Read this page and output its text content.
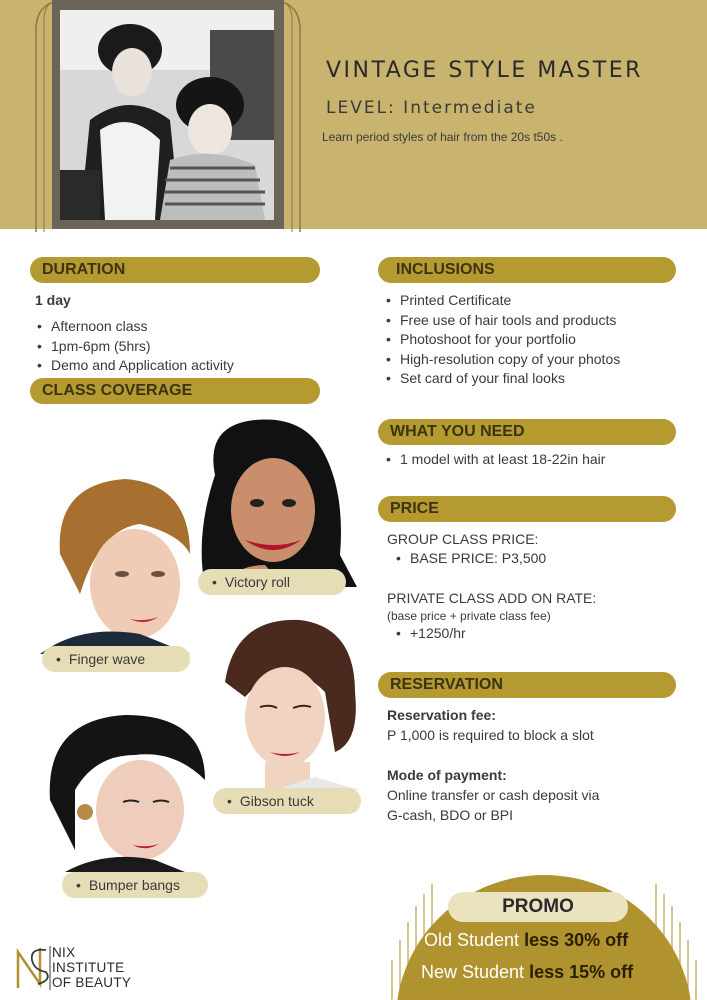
VINTAGE STYLE MASTER
LEVEL: Intermediate
Learn period styles of hair from the 20s t50s .
DURATION
1 day
• Afternoon class
• 1pm-6pm (5hrs)
• Demo and Application activity
CLASS COVERAGE
• Victory roll
• Finger wave
• Gibson tuck
• Bumper bangs
INCLUSIONS
• Printed Certificate
• Free use of hair tools and products
• Photoshoot for your portfolio
• High-resolution copy of your photos
• Set card of your final looks
WHAT YOU NEED
• 1 model with at least 18-22in hair
PRICE
GROUP CLASS PRICE:
• BASE PRICE: P3,500
PRIVATE CLASS ADD ON RATE:
(base price + private class fee)
• +1250/hr
RESERVATION
Reservation fee:
P 1,000 is required to block a slot
Mode of payment:
Online transfer or cash deposit via
G-cash, BDO or BPI
PROMO
Old Student less 30% off
New Student less 15% off
NIX
INSTITUTE
OF BEAUTY
